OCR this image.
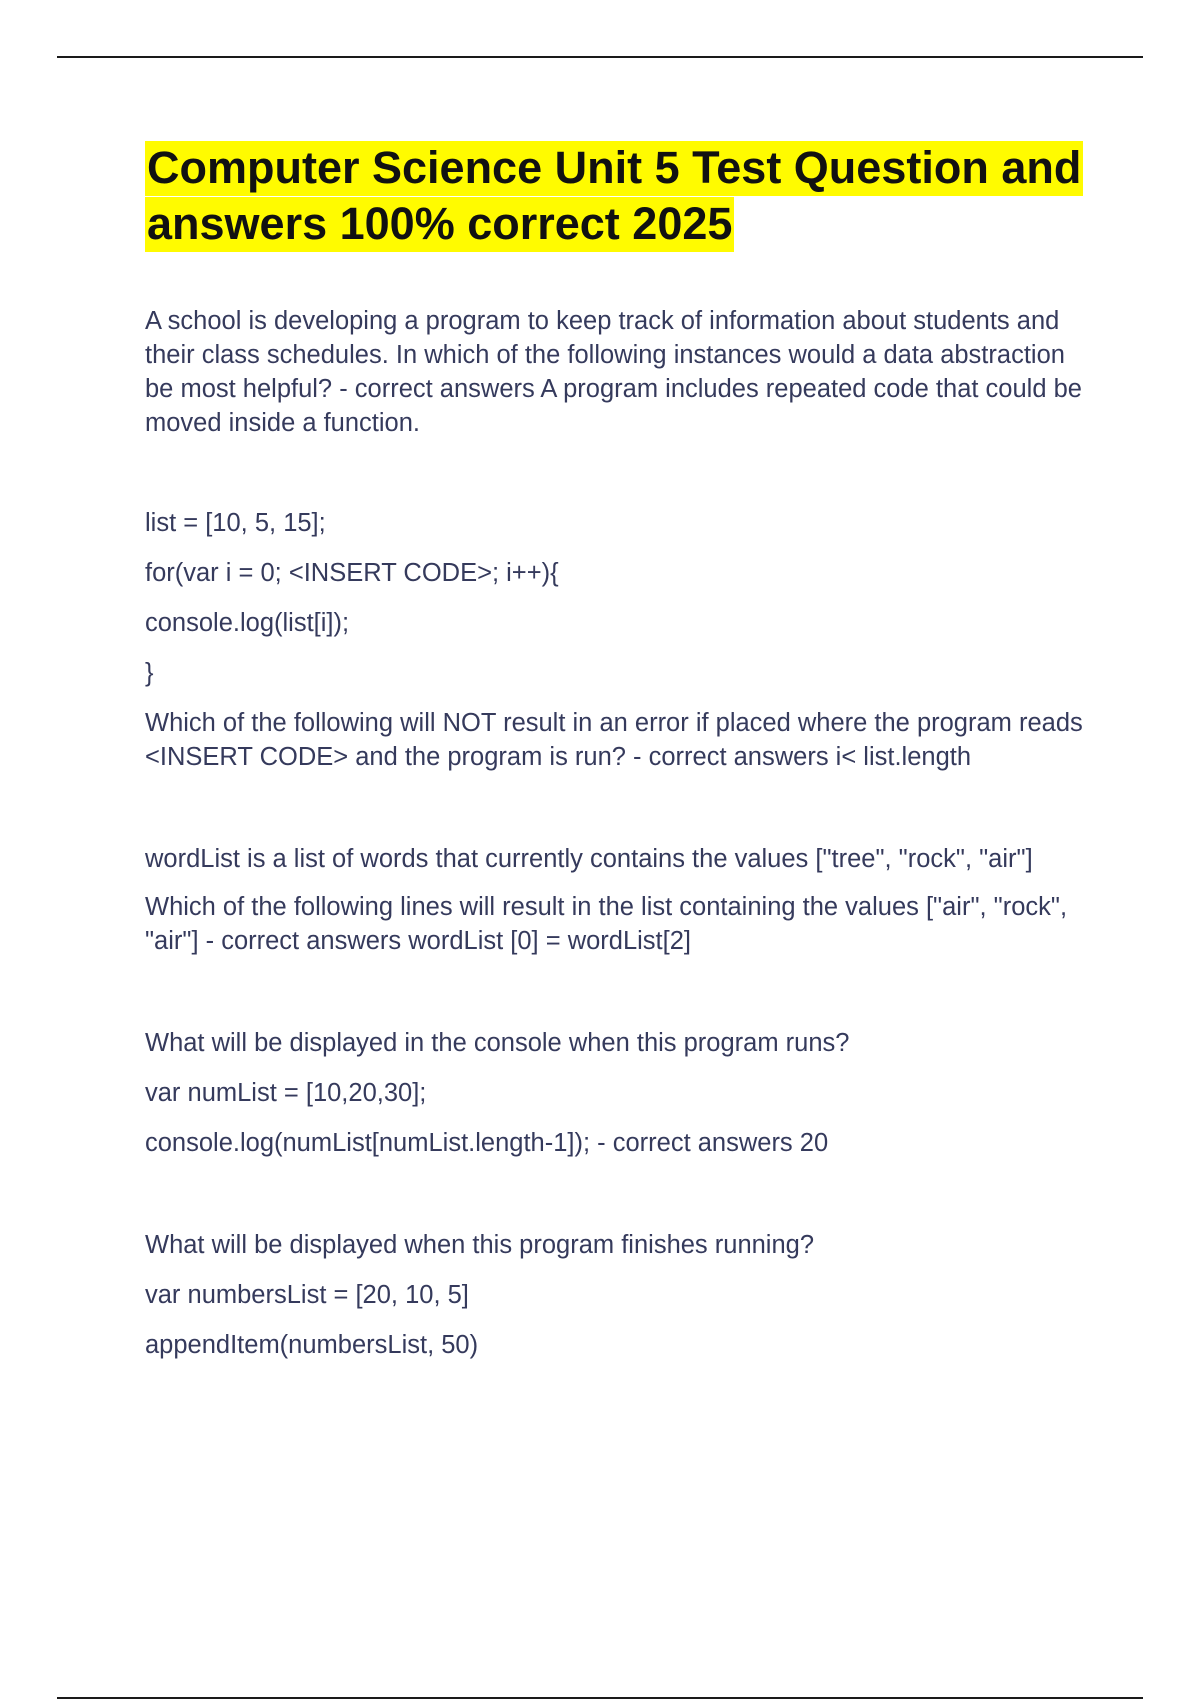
Computer Science Unit 5 Test Question and answers 100% correct 2025

A school is developing a program to keep track of information about students and their class schedules. In which of the following instances would a data abstraction be most helpful? - correct answers A program includes repeated code that could be moved inside a function.

list = [10, 5, 15];

for(var i = 0; <INSERT CODE>; i++){

console.log(list[i]);

}

Which of the following will NOT result in an error if placed where the program reads <INSERT CODE> and the program is run? - correct answers i< list.length

wordList is a list of words that currently contains the values ["tree", "rock", "air"]

Which of the following lines will result in the list containing the values ["air", "rock", "air"] - correct answers wordList [0] = wordList[2]

What will be displayed in the console when this program runs?

var numList = [10,20,30];

console.log(numList[numList.length-1]); - correct answers 20

What will be displayed when this program finishes running?

var numbersList = [20, 10, 5]

appendItem(numbersList, 50)
